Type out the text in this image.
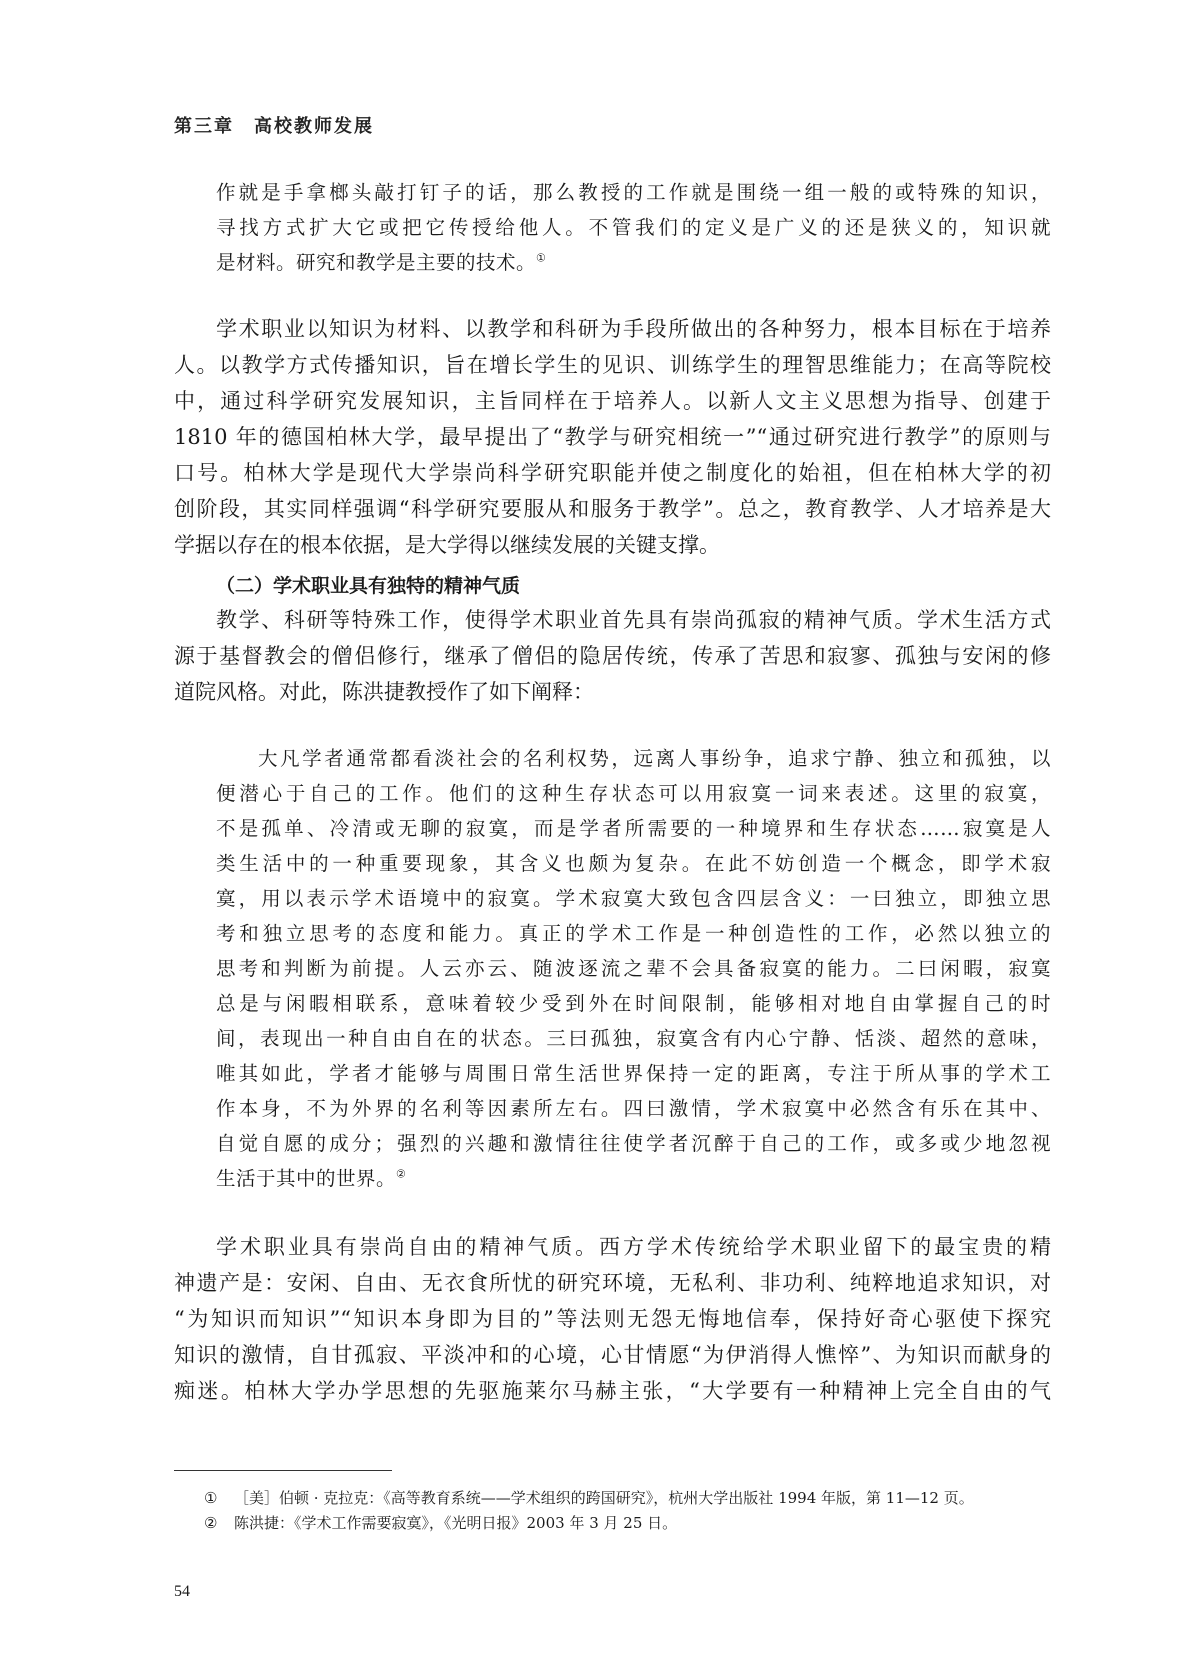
第三章　高校教师发展
作就是手拿榔头敲打钉子的话，那么教授的工作就是围绕一组一般的或特殊的知识，
寻找方式扩大它或把它传授给他人。不管我们的定义是广义的还是狭义的，知识就
是材料。研究和教学是主要的技术。①
学术职业以知识为材料、以教学和科研为手段所做出的各种努力，根本目标在于培养
人。以教学方式传播知识，旨在增长学生的见识、训练学生的理智思维能力；在高等院校
中，通过科学研究发展知识，主旨同样在于培养人。以新人文主义思想为指导、创建于
1810 年的德国柏林大学，最早提出了“教学与研究相统一”“通过研究进行教学”的原则与
口号。柏林大学是现代大学崇尚科学研究职能并使之制度化的始祖，但在柏林大学的初
创阶段，其实同样强调“科学研究要服从和服务于教学”。总之，教育教学、人才培养是大
学据以存在的根本依据，是大学得以继续发展的关键支撑。
（二）学术职业具有独特的精神气质
教学、科研等特殊工作，使得学术职业首先具有崇尚孤寂的精神气质。学术生活方式
源于基督教会的僧侣修行，继承了僧侣的隐居传统，传承了苦思和寂寥、孤独与安闲的修
道院风格。对此，陈洪捷教授作了如下阐释：
大凡学者通常都看淡社会的名利权势，远离人事纷争，追求宁静、独立和孤独，以
便潜心于自己的工作。他们的这种生存状态可以用寂寞一词来表述。这里的寂寞，
不是孤单、冷清或无聊的寂寞，而是学者所需要的一种境界和生存状态……寂寞是人
类生活中的一种重要现象，其含义也颇为复杂。在此不妨创造一个概念，即学术寂
寞，用以表示学术语境中的寂寞。学术寂寞大致包含四层含义：一曰独立，即独立思
考和独立思考的态度和能力。真正的学术工作是一种创造性的工作，必然以独立的
思考和判断为前提。人云亦云、随波逐流之辈不会具备寂寞的能力。二曰闲暇，寂寞
总是与闲暇相联系，意味着较少受到外在时间限制，能够相对地自由掌握自己的时
间，表现出一种自由自在的状态。三曰孤独，寂寞含有内心宁静、恬淡、超然的意味，
唯其如此，学者才能够与周围日常生活世界保持一定的距离，专注于所从事的学术工
作本身，不为外界的名利等因素所左右。四曰激情，学术寂寞中必然含有乐在其中、
自觉自愿的成分；强烈的兴趣和激情往往使学者沉醉于自己的工作，或多或少地忽视
生活于其中的世界。②
学术职业具有崇尚自由的精神气质。西方学术传统给学术职业留下的最宝贵的精
神遗产是：安闲、自由、无衣食所忧的研究环境，无私利、非功利、纯粹地追求知识，对
“为知识而知识”“知识本身即为目的”等法则无怨无悔地信奉，保持好奇心驱使下探究
知识的激情，自甘孤寂、平淡冲和的心境，心甘情愿“为伊消得人憔悴”、为知识而献身的
痴迷。柏林大学办学思想的先驱施莱尔马赫主张，“大学要有一种精神上完全自由的气
① ［美］伯顿 · 克拉克：《高等教育系统——学术组织的跨国研究》，杭州大学出版社 1994 年版，第 11—12 页。
② 陈洪捷：《学术工作需要寂寞》，《光明日报》2003 年 3 月 25 日。
54
